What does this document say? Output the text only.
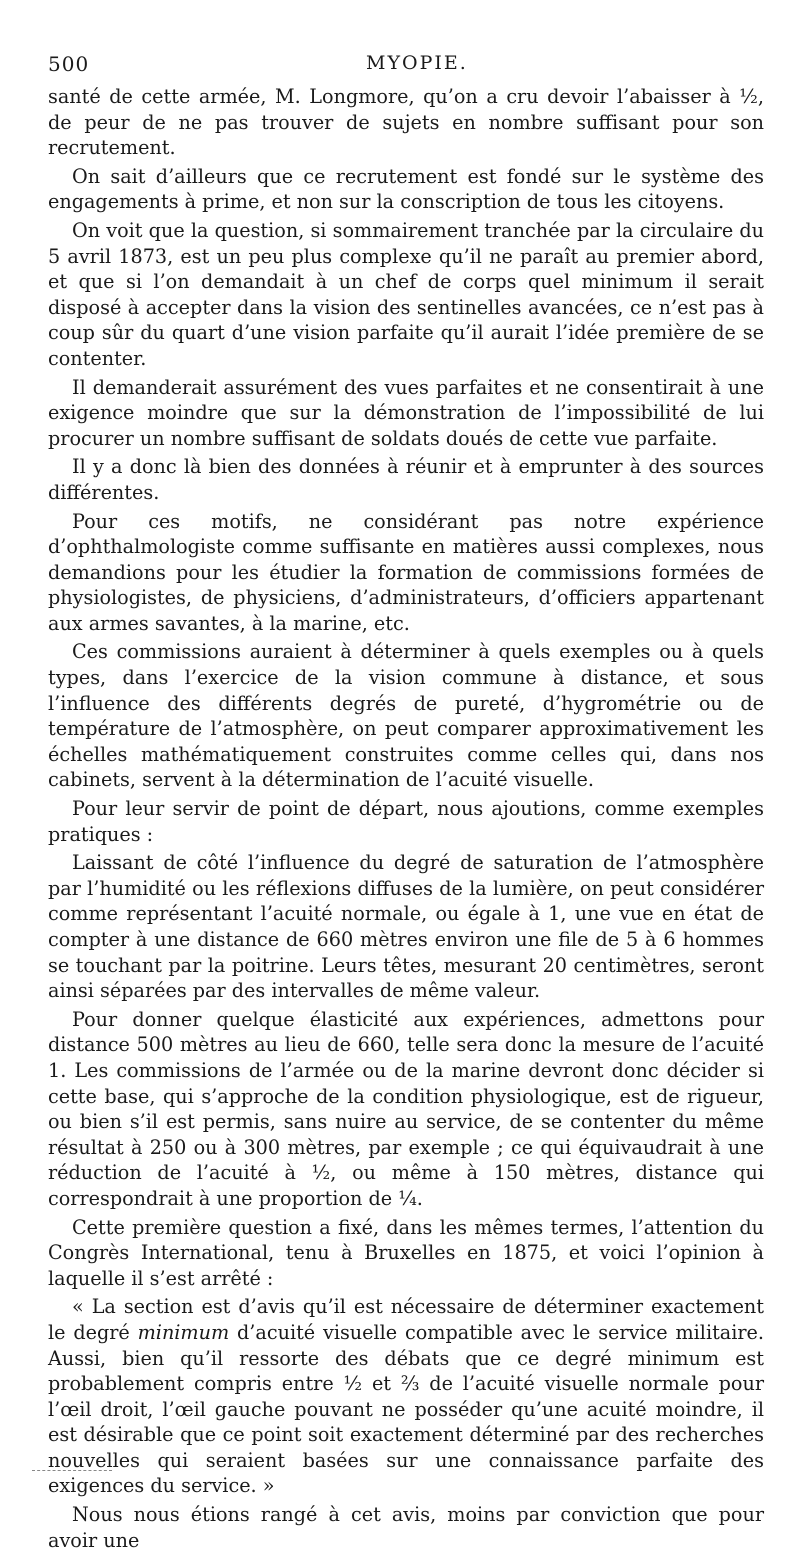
500	MYOPIE.

santé de cette armée, M. Longmore, qu’on a cru devoir l’abaisser à ½, de peur de ne pas trouver de sujets en nombre suffisant pour son recrutement.

On sait d’ailleurs que ce recrutement est fondé sur le système des engagements à prime, et non sur la conscription de tous les citoyens.

On voit que la question, si sommairement tranchée par la circulaire du 5 avril 1873, est un peu plus complexe qu’il ne paraît au premier abord, et que si l’on demandait à un chef de corps quel minimum il serait disposé à accepter dans la vision des sentinelles avancées, ce n’est pas à coup sûr du quart d’une vision parfaite qu’il aurait l’idée première de se contenter.

Il demanderait assurément des vues parfaites et ne consentirait à une exigence moindre que sur la démonstration de l’impossibilité de lui procurer un nombre suffisant de soldats doués de cette vue parfaite.

Il y a donc là bien des données à réunir et à emprunter à des sources différentes.

Pour ces motifs, ne considérant pas notre expérience d’ophthalmologiste comme suffisante en matières aussi complexes, nous demandions pour les étudier la formation de commissions formées de physiologistes, de physiciens, d’administrateurs, d’officiers appartenant aux armes savantes, à la marine, etc.

Ces commissions auraient à déterminer à quels exemples ou à quels types, dans l’exercice de la vision commune à distance, et sous l’influence des différents degrés de pureté, d’hygrométrie ou de température de l’atmosphère, on peut comparer approximativement les échelles mathématiquement construites comme celles qui, dans nos cabinets, servent à la détermination de l’acuité visuelle.

Pour leur servir de point de départ, nous ajoutions, comme exemples pratiques :

Laissant de côté l’influence du degré de saturation de l’atmosphère par l’humidité ou les réflexions diffuses de la lumière, on peut considérer comme représentant l’acuité normale, ou égale à 1, une vue en état de compter à une distance de 660 mètres environ une file de 5 à 6 hommes se touchant par la poitrine. Leurs têtes, mesurant 20 centimètres, seront ainsi séparées par des intervalles de même valeur.

Pour donner quelque élasticité aux expériences, admettons pour distance 500 mètres au lieu de 660, telle sera donc la mesure de l’acuité 1. Les commissions de l’armée ou de la marine devront donc décider si cette base, qui s’approche de la condition physiologique, est de rigueur, ou bien s’il est permis, sans nuire au service, de se contenter du même résultat à 250 ou à 300 mètres, par exemple ; ce qui équivaudrait à une réduction de l’acuité à ½, ou même à 150 mètres, distance qui correspondrait à une proportion de ¼.

Cette première question a fixé, dans les mêmes termes, l’attention du Congrès International, tenu à Bruxelles en 1875, et voici l’opinion à laquelle il s’est arrêté :

« La section est d’avis qu’il est nécessaire de déterminer exactement le degré minimum d’acuité visuelle compatible avec le service militaire. Aussi, bien qu’il ressorte des débats que ce degré minimum est probablement compris entre ½ et ⅔ de l’acuité visuelle normale pour l’œil droit, l’œil gauche pouvant ne posséder qu’une acuité moindre, il est désirable que ce point soit exactement déterminé par des recherches nouvelles qui seraient basées sur une connaissance parfaite des exigences du service. »

Nous nous étions rangé à cet avis, moins par conviction que pour avoir une
